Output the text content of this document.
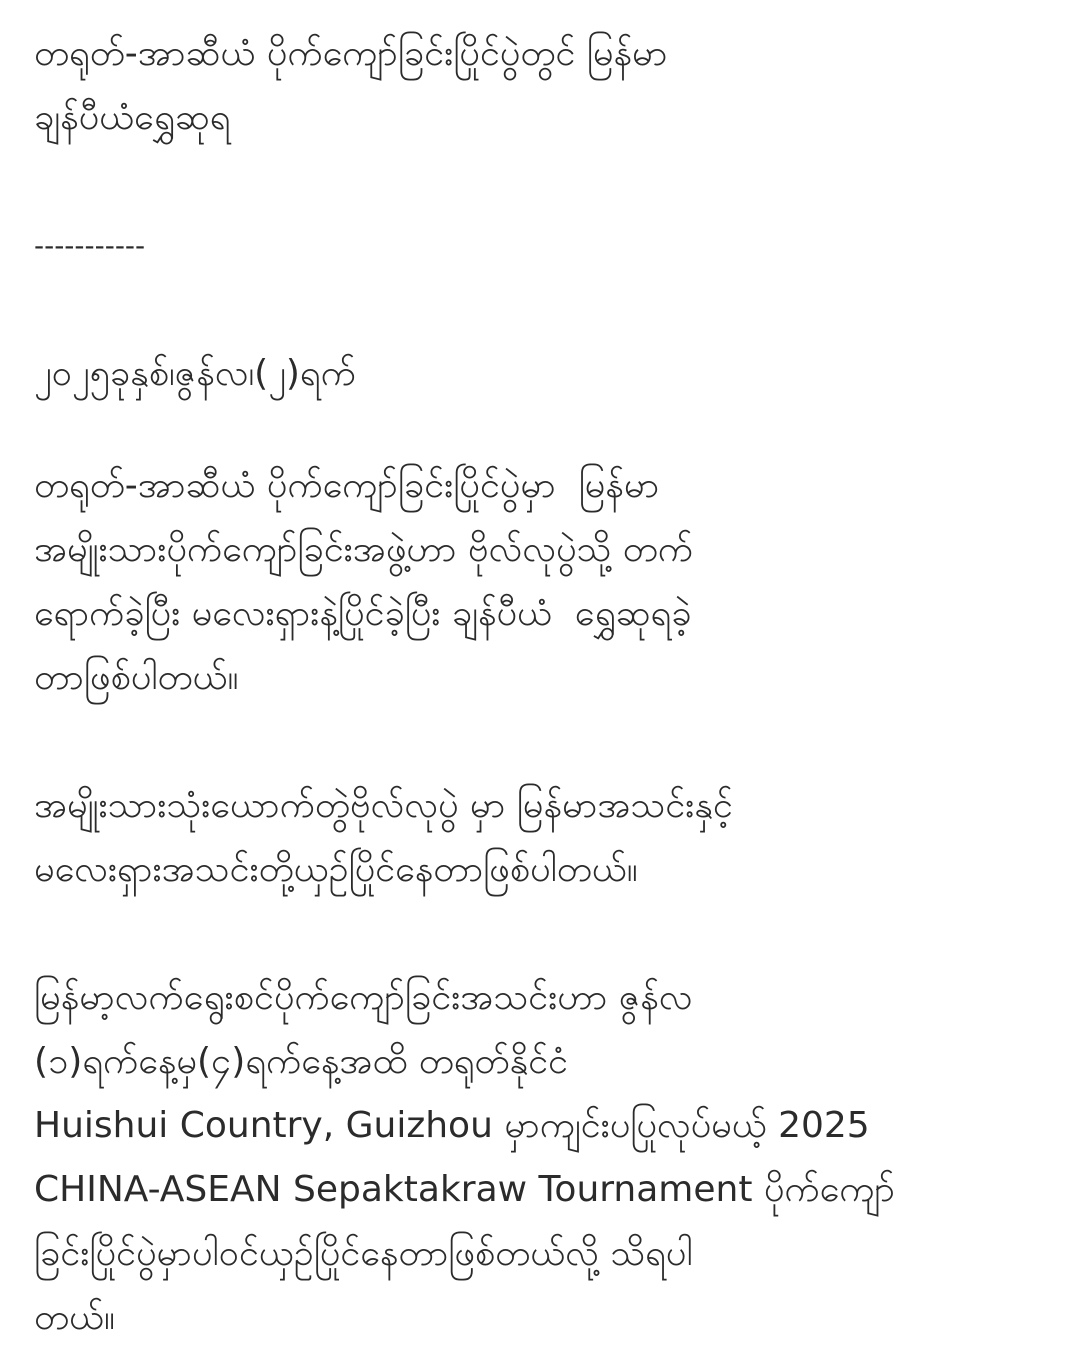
တရုတ်-အာဆီယံ ပိုက်ကျော်ခြင်းပြိုင်ပွဲတွင် မြန်မာ
ချန်ပီယံရွှေဆုရ

-----------

၂၀၂၅ခုနှစ်၊ဇွန်လ၊(၂)ရက်

တရုတ်-အာဆီယံ ပိုက်ကျော်ခြင်းပြိုင်ပွဲမှာ  မြန်မာ
အမျိုးသားပိုက်ကျော်ခြင်းအဖွဲ့ဟာ ဗိုလ်လုပွဲသို့ တက်
ရောက်ခဲ့ပြီး မလေးရှားနဲ့ပြိုင်ခဲ့ပြီး ချန်ပီယံ  ရွှေဆုရခဲ့
တာဖြစ်ပါတယ်။

အမျိုးသားသုံးယောက်တွဲဗိုလ်လုပွဲ မှာ မြန်မာအသင်းနှင့်
မလေးရှားအသင်းတို့ယှဉ်ပြိုင်နေတာဖြစ်ပါတယ်။

မြန်မာ့လက်ရွေးစင်ပိုက်ကျော်ခြင်းအသင်းဟာ ဇွန်လ
(၁)ရက်နေ့မှ(၄)ရက်နေ့အထိ တရုတ်နိုင်ငံ
Huishui Country, Guizhou မှာကျင်းပပြုလုပ်မယ့် 2025
CHINA-ASEAN Sepaktakraw Tournament ပိုက်ကျော်
ခြင်းပြိုင်ပွဲမှာပါဝင်ယှဉ်ပြိုင်နေတာဖြစ်တယ်လို့ သိရပါ
တယ်။
